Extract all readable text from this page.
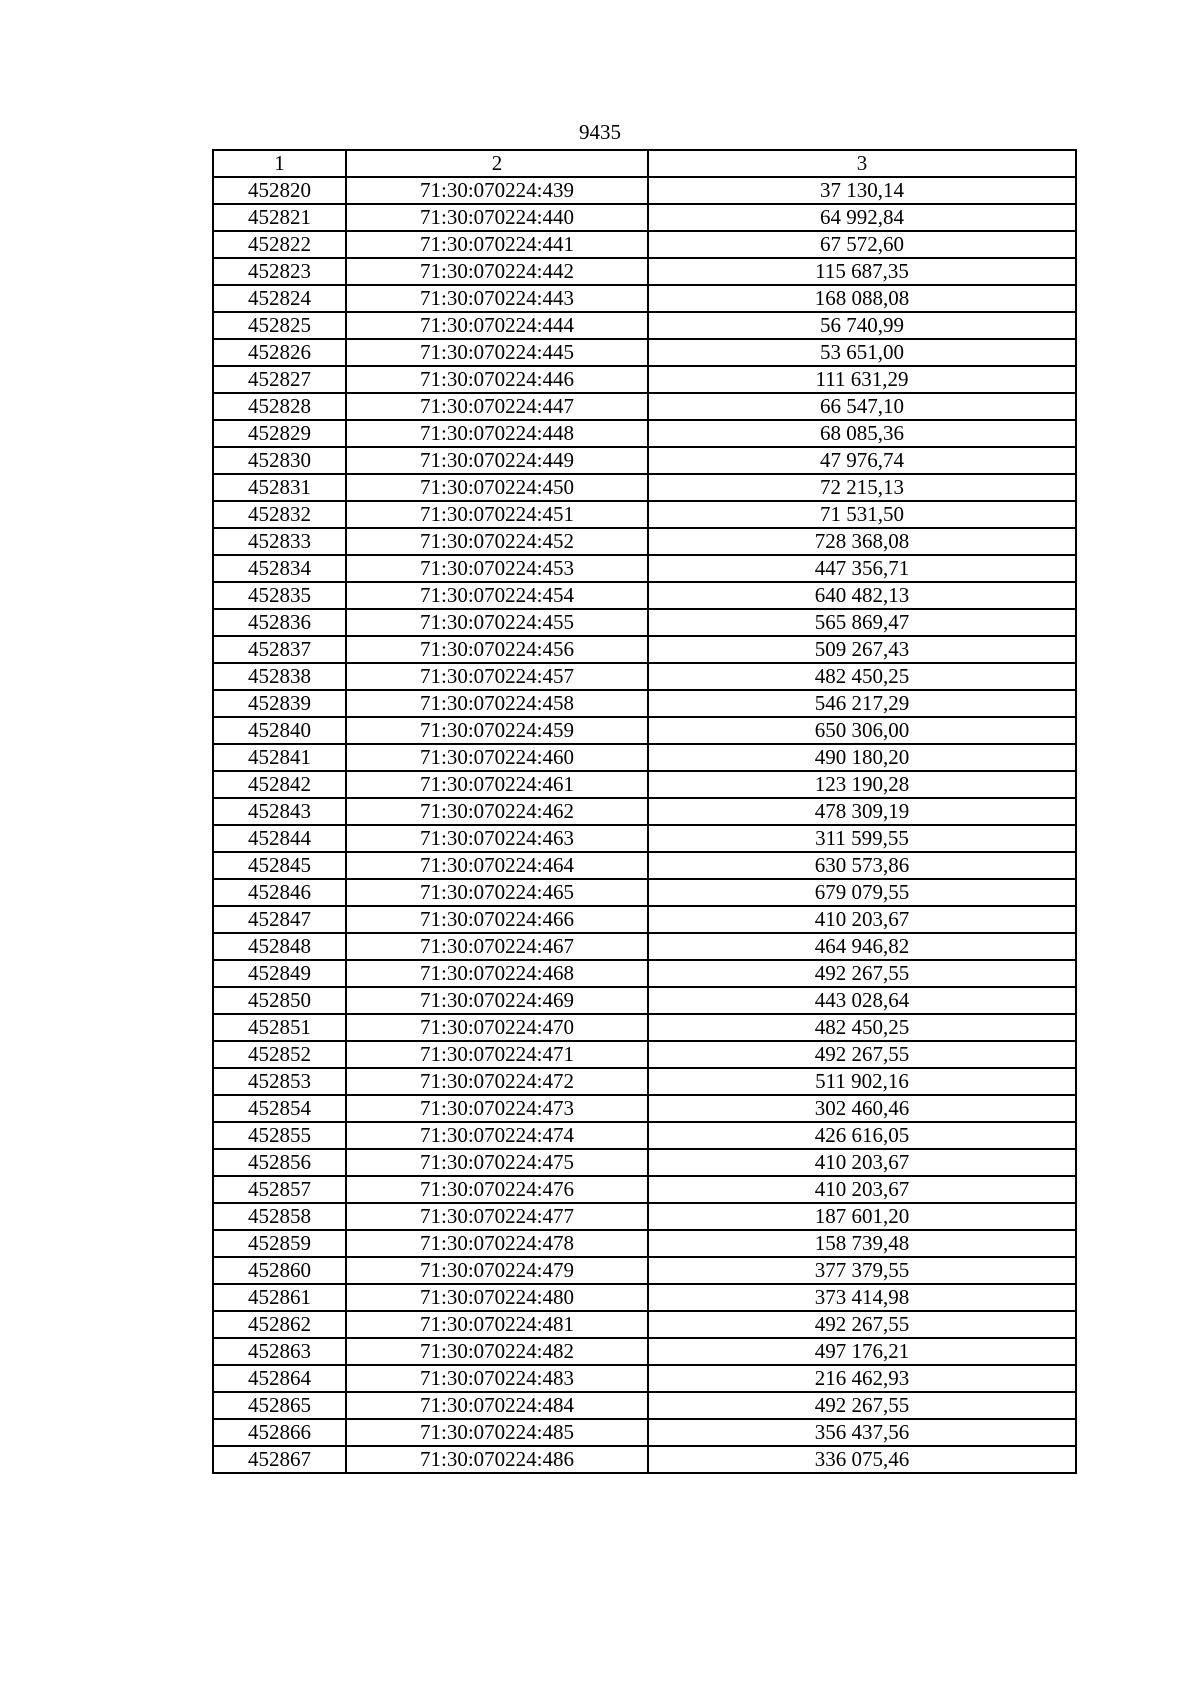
9435
1	2	3
452820	71:30:070224:439	37 130,14
452821	71:30:070224:440	64 992,84
452822	71:30:070224:441	67 572,60
452823	71:30:070224:442	115 687,35
452824	71:30:070224:443	168 088,08
452825	71:30:070224:444	56 740,99
452826	71:30:070224:445	53 651,00
452827	71:30:070224:446	111 631,29
452828	71:30:070224:447	66 547,10
452829	71:30:070224:448	68 085,36
452830	71:30:070224:449	47 976,74
452831	71:30:070224:450	72 215,13
452832	71:30:070224:451	71 531,50
452833	71:30:070224:452	728 368,08
452834	71:30:070224:453	447 356,71
452835	71:30:070224:454	640 482,13
452836	71:30:070224:455	565 869,47
452837	71:30:070224:456	509 267,43
452838	71:30:070224:457	482 450,25
452839	71:30:070224:458	546 217,29
452840	71:30:070224:459	650 306,00
452841	71:30:070224:460	490 180,20
452842	71:30:070224:461	123 190,28
452843	71:30:070224:462	478 309,19
452844	71:30:070224:463	311 599,55
452845	71:30:070224:464	630 573,86
452846	71:30:070224:465	679 079,55
452847	71:30:070224:466	410 203,67
452848	71:30:070224:467	464 946,82
452849	71:30:070224:468	492 267,55
452850	71:30:070224:469	443 028,64
452851	71:30:070224:470	482 450,25
452852	71:30:070224:471	492 267,55
452853	71:30:070224:472	511 902,16
452854	71:30:070224:473	302 460,46
452855	71:30:070224:474	426 616,05
452856	71:30:070224:475	410 203,67
452857	71:30:070224:476	410 203,67
452858	71:30:070224:477	187 601,20
452859	71:30:070224:478	158 739,48
452860	71:30:070224:479	377 379,55
452861	71:30:070224:480	373 414,98
452862	71:30:070224:481	492 267,55
452863	71:30:070224:482	497 176,21
452864	71:30:070224:483	216 462,93
452865	71:30:070224:484	492 267,55
452866	71:30:070224:485	356 437,56
452867	71:30:070224:486	336 075,46
